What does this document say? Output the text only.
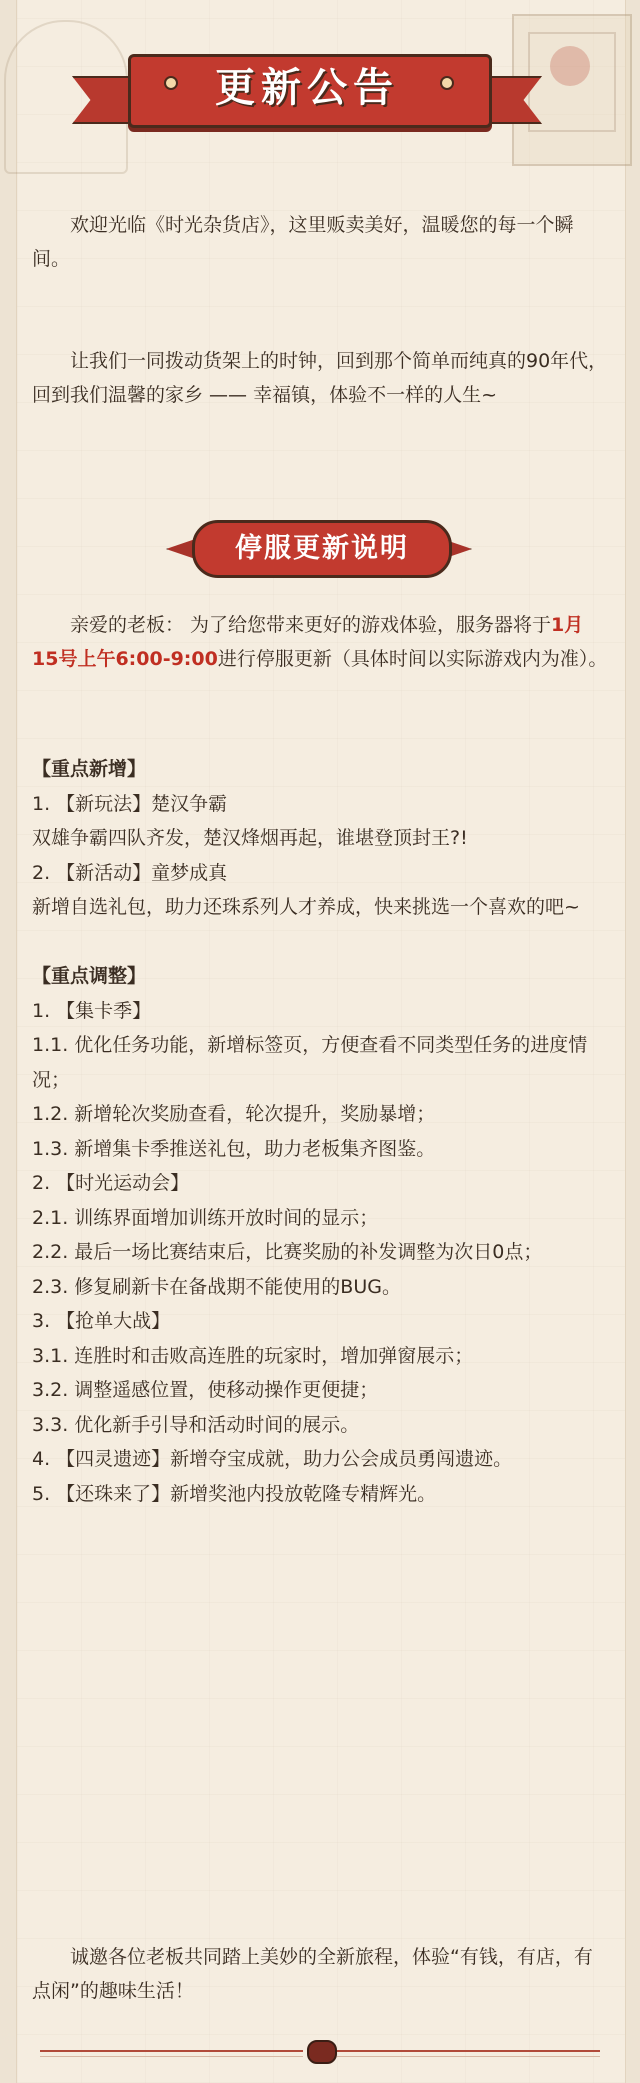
更新公告

欢迎光临《时光杂货店》，这里贩卖美好，温暖您的每一个瞬间。

让我们一同拨动货架上的时钟，回到那个简单而纯真的90年代，回到我们温馨的家乡 —— 幸福镇，体验不一样的人生~

停服更新说明

亲爱的老板： 为了给您带来更好的游戏体验，服务器将于1月15号上午6:00-9:00进行停服更新（具体时间以实际游戏内为准）。

【重点新增】

1. 【新玩法】楚汉争霸

双雄争霸四队齐发，楚汉烽烟再起，谁堪登顶封王?!

2. 【新活动】童梦成真

新增自选礼包，助力还珠系列人才养成，快来挑选一个喜欢的吧~

【重点调整】

1. 【集卡季】

1.1. 优化任务功能，新增标签页，方便查看不同类型任务的进度情况；

1.2. 新增轮次奖励查看，轮次提升，奖励暴增；

1.3. 新增集卡季推送礼包，助力老板集齐图鉴。

2. 【时光运动会】

2.1. 训练界面增加训练开放时间的显示；

2.2. 最后一场比赛结束后，比赛奖励的补发调整为次日0点；

2.3. 修复刷新卡在备战期不能使用的BUG。

3. 【抢单大战】

3.1. 连胜时和击败高连胜的玩家时，增加弹窗展示；

3.2. 调整遥感位置，使移动操作更便捷；

3.3. 优化新手引导和活动时间的展示。

4. 【四灵遗迹】新增夺宝成就，助力公会成员勇闯遗迹。

5. 【还珠来了】新增奖池内投放乾隆专精辉光。

诚邀各位老板共同踏上美妙的全新旅程，体验“有钱，有店，有点闲”的趣味生活！
